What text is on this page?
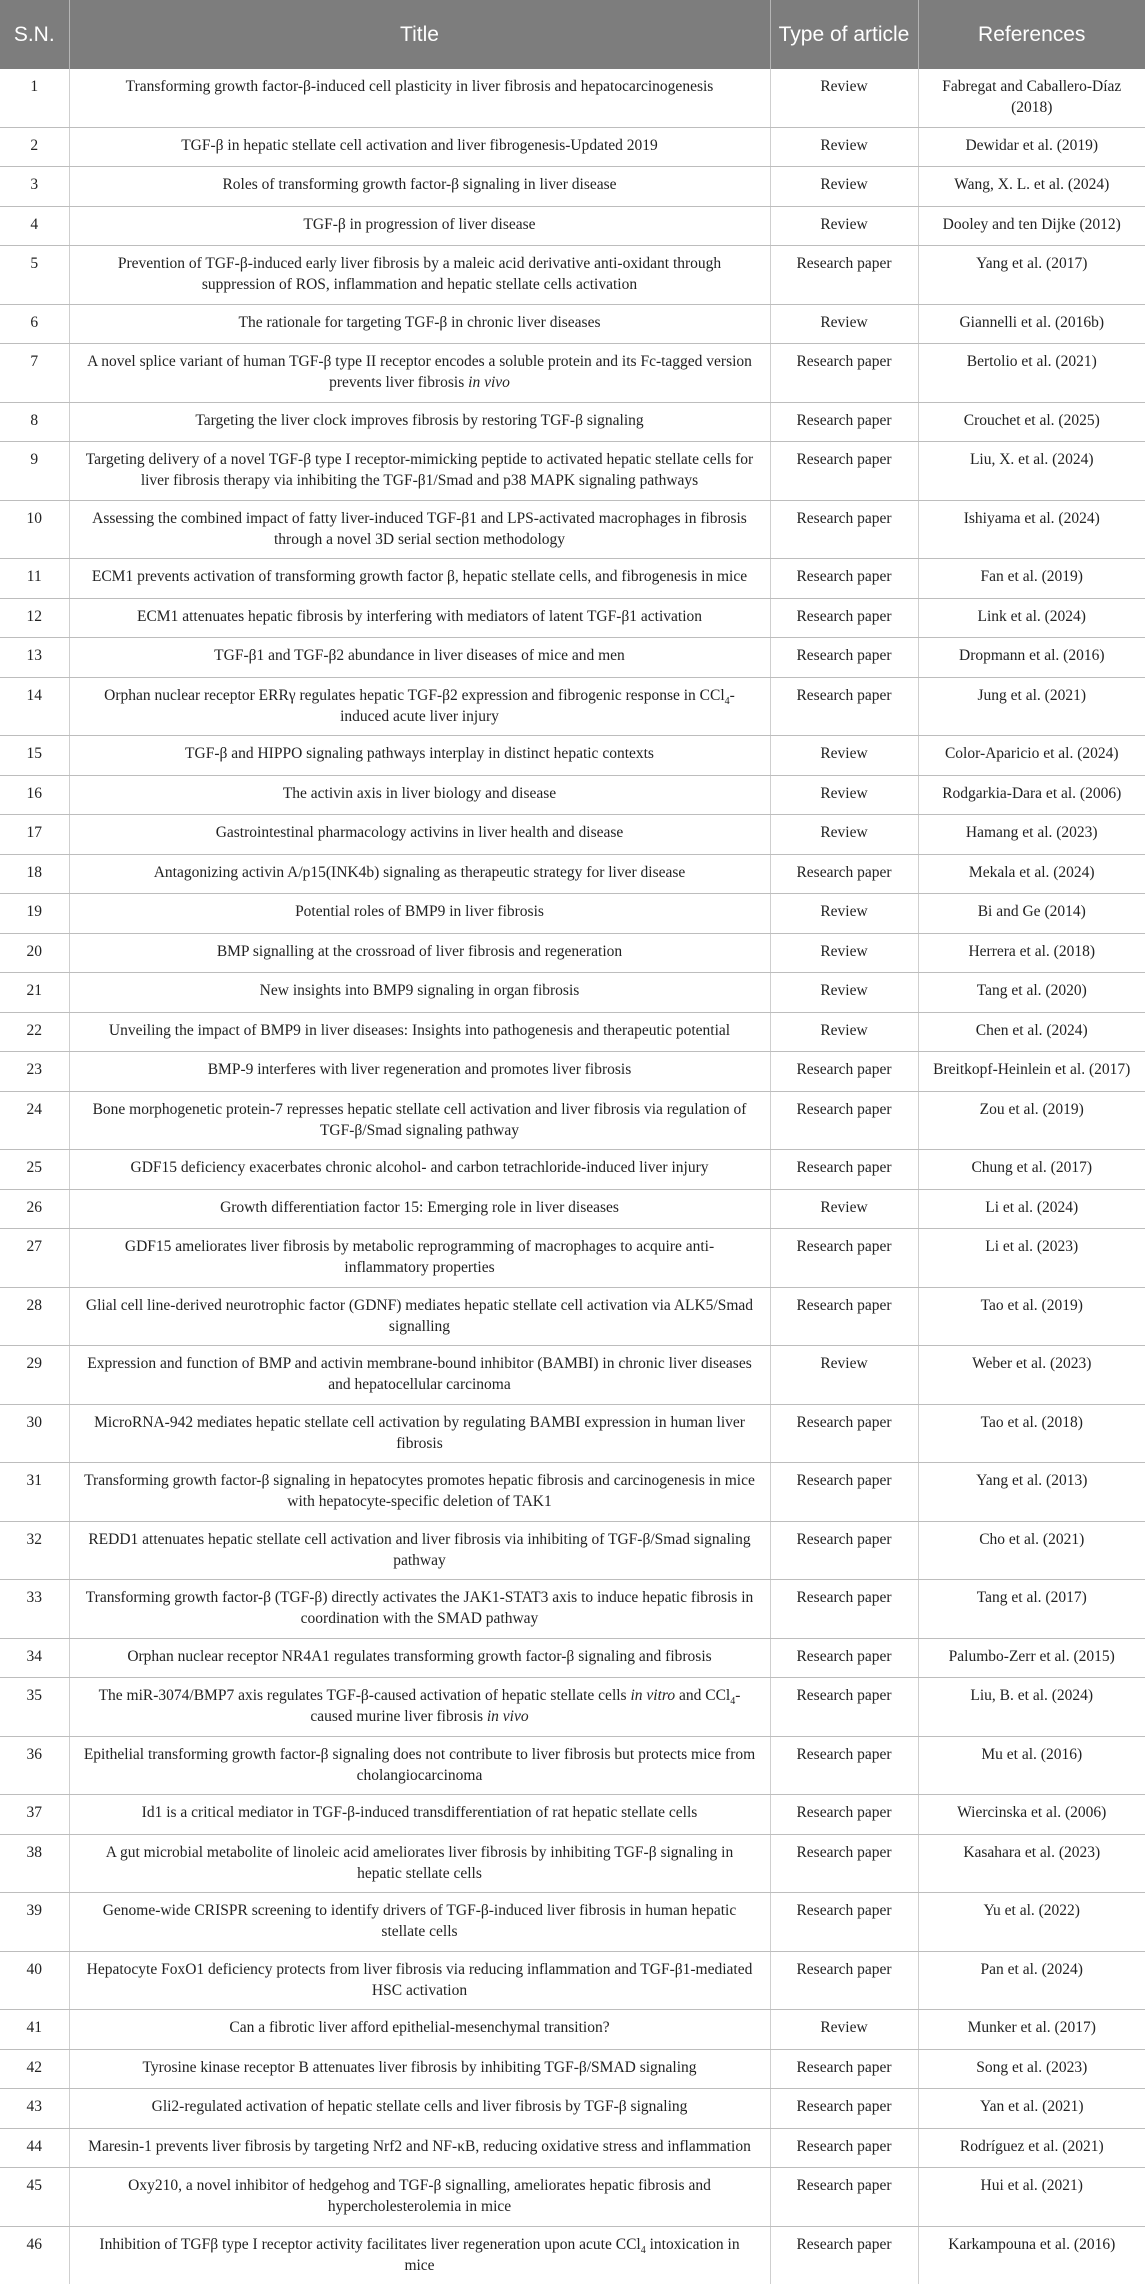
S.N.	Title	Type of article	References
1	Transforming growth factor-β-induced cell plasticity in liver fibrosis and hepatocarcinogenesis	Review	Fabregat and Caballero-Díaz (2018)
2	TGF-β in hepatic stellate cell activation and liver fibrogenesis-Updated 2019	Review	Dewidar et al. (2019)
3	Roles of transforming growth factor-β signaling in liver disease	Review	Wang, X. L. et al. (2024)
4	TGF-β in progression of liver disease	Review	Dooley and ten Dijke (2012)
5	Prevention of TGF-β-induced early liver fibrosis by a maleic acid derivative anti-oxidant through suppression of ROS, inflammation and hepatic stellate cells activation	Research paper	Yang et al. (2017)
6	The rationale for targeting TGF-β in chronic liver diseases	Review	Giannelli et al. (2016b)
7	A novel splice variant of human TGF-β type II receptor encodes a soluble protein and its Fc-tagged version prevents liver fibrosis in vivo	Research paper	Bertolio et al. (2021)
8	Targeting the liver clock improves fibrosis by restoring TGF-β signaling	Research paper	Crouchet et al. (2025)
9	Targeting delivery of a novel TGF-β type I receptor-mimicking peptide to activated hepatic stellate cells for liver fibrosis therapy via inhibiting the TGF-β1/Smad and p38 MAPK signaling pathways	Research paper	Liu, X. et al. (2024)
10	Assessing the combined impact of fatty liver-induced TGF-β1 and LPS-activated macrophages in fibrosis through a novel 3D serial section methodology	Research paper	Ishiyama et al. (2024)
11	ECM1 prevents activation of transforming growth factor β, hepatic stellate cells, and fibrogenesis in mice	Research paper	Fan et al. (2019)
12	ECM1 attenuates hepatic fibrosis by interfering with mediators of latent TGF-β1 activation	Research paper	Link et al. (2024)
13	TGF-β1 and TGF-β2 abundance in liver diseases of mice and men	Research paper	Dropmann et al. (2016)
14	Orphan nuclear receptor ERRγ regulates hepatic TGF-β2 expression and fibrogenic response in CCl$_4$-induced acute liver injury	Research paper	Jung et al. (2021)
15	TGF-β and HIPPO signaling pathways interplay in distinct hepatic contexts	Review	Color-Aparicio et al. (2024)
16	The activin axis in liver biology and disease	Review	Rodgarkia-Dara et al. (2006)
17	Gastrointestinal pharmacology activins in liver health and disease	Review	Hamang et al. (2023)
18	Antagonizing activin A/p15(INK4b) signaling as therapeutic strategy for liver disease	Research paper	Mekala et al. (2024)
19	Potential roles of BMP9 in liver fibrosis	Review	Bi and Ge (2014)
20	BMP signalling at the crossroad of liver fibrosis and regeneration	Review	Herrera et al. (2018)
21	New insights into BMP9 signaling in organ fibrosis	Review	Tang et al. (2020)
22	Unveiling the impact of BMP9 in liver diseases: Insights into pathogenesis and therapeutic potential	Review	Chen et al. (2024)
23	BMP-9 interferes with liver regeneration and promotes liver fibrosis	Research paper	Breitkopf-Heinlein et al. (2017)
24	Bone morphogenetic protein-7 represses hepatic stellate cell activation and liver fibrosis via regulation of TGF-β/Smad signaling pathway	Research paper	Zou et al. (2019)
25	GDF15 deficiency exacerbates chronic alcohol- and carbon tetrachloride-induced liver injury	Research paper	Chung et al. (2017)
26	Growth differentiation factor 15: Emerging role in liver diseases	Review	Li et al. (2024)
27	GDF15 ameliorates liver fibrosis by metabolic reprogramming of macrophages to acquire anti-inflammatory properties	Research paper	Li et al. (2023)
28	Glial cell line-derived neurotrophic factor (GDNF) mediates hepatic stellate cell activation via ALK5/Smad signalling	Research paper	Tao et al. (2019)
29	Expression and function of BMP and activin membrane-bound inhibitor (BAMBI) in chronic liver diseases and hepatocellular carcinoma	Review	Weber et al. (2023)
30	MicroRNA-942 mediates hepatic stellate cell activation by regulating BAMBI expression in human liver fibrosis	Research paper	Tao et al. (2018)
31	Transforming growth factor-β signaling in hepatocytes promotes hepatic fibrosis and carcinogenesis in mice with hepatocyte-specific deletion of TAK1	Research paper	Yang et al. (2013)
32	REDD1 attenuates hepatic stellate cell activation and liver fibrosis via inhibiting of TGF-β/Smad signaling pathway	Research paper	Cho et al. (2021)
33	Transforming growth factor-β (TGF-β) directly activates the JAK1-STAT3 axis to induce hepatic fibrosis in coordination with the SMAD pathway	Research paper	Tang et al. (2017)
34	Orphan nuclear receptor NR4A1 regulates transforming growth factor-β signaling and fibrosis	Research paper	Palumbo-Zerr et al. (2015)
35	The miR-3074/BMP7 axis regulates TGF-β-caused activation of hepatic stellate cells in vitro and CCl$_4$-caused murine liver fibrosis in vivo	Research paper	Liu, B. et al. (2024)
36	Epithelial transforming growth factor-β signaling does not contribute to liver fibrosis but protects mice from cholangiocarcinoma	Research paper	Mu et al. (2016)
37	Id1 is a critical mediator in TGF-β-induced transdifferentiation of rat hepatic stellate cells	Research paper	Wiercinska et al. (2006)
38	A gut microbial metabolite of linoleic acid ameliorates liver fibrosis by inhibiting TGF-β signaling in hepatic stellate cells	Research paper	Kasahara et al. (2023)
39	Genome-wide CRISPR screening to identify drivers of TGF-β-induced liver fibrosis in human hepatic stellate cells	Research paper	Yu et al. (2022)
40	Hepatocyte FoxO1 deficiency protects from liver fibrosis via reducing inflammation and TGF-β1-mediated HSC activation	Research paper	Pan et al. (2024)
41	Can a fibrotic liver afford epithelial-mesenchymal transition?	Review	Munker et al. (2017)
42	Tyrosine kinase receptor B attenuates liver fibrosis by inhibiting TGF-β/SMAD signaling	Research paper	Song et al. (2023)
43	Gli2-regulated activation of hepatic stellate cells and liver fibrosis by TGF-β signaling	Research paper	Yan et al. (2021)
44	Maresin-1 prevents liver fibrosis by targeting Nrf2 and NF-κB, reducing oxidative stress and inflammation	Research paper	Rodríguez et al. (2021)
45	Oxy210, a novel inhibitor of hedgehog and TGF-β signalling, ameliorates hepatic fibrosis and hypercholesterolemia in mice	Research paper	Hui et al. (2021)
46	Inhibition of TGFβ type I receptor activity facilitates liver regeneration upon acute CCl$_4$ intoxication in mice	Research paper	Karkampouna et al. (2016)
